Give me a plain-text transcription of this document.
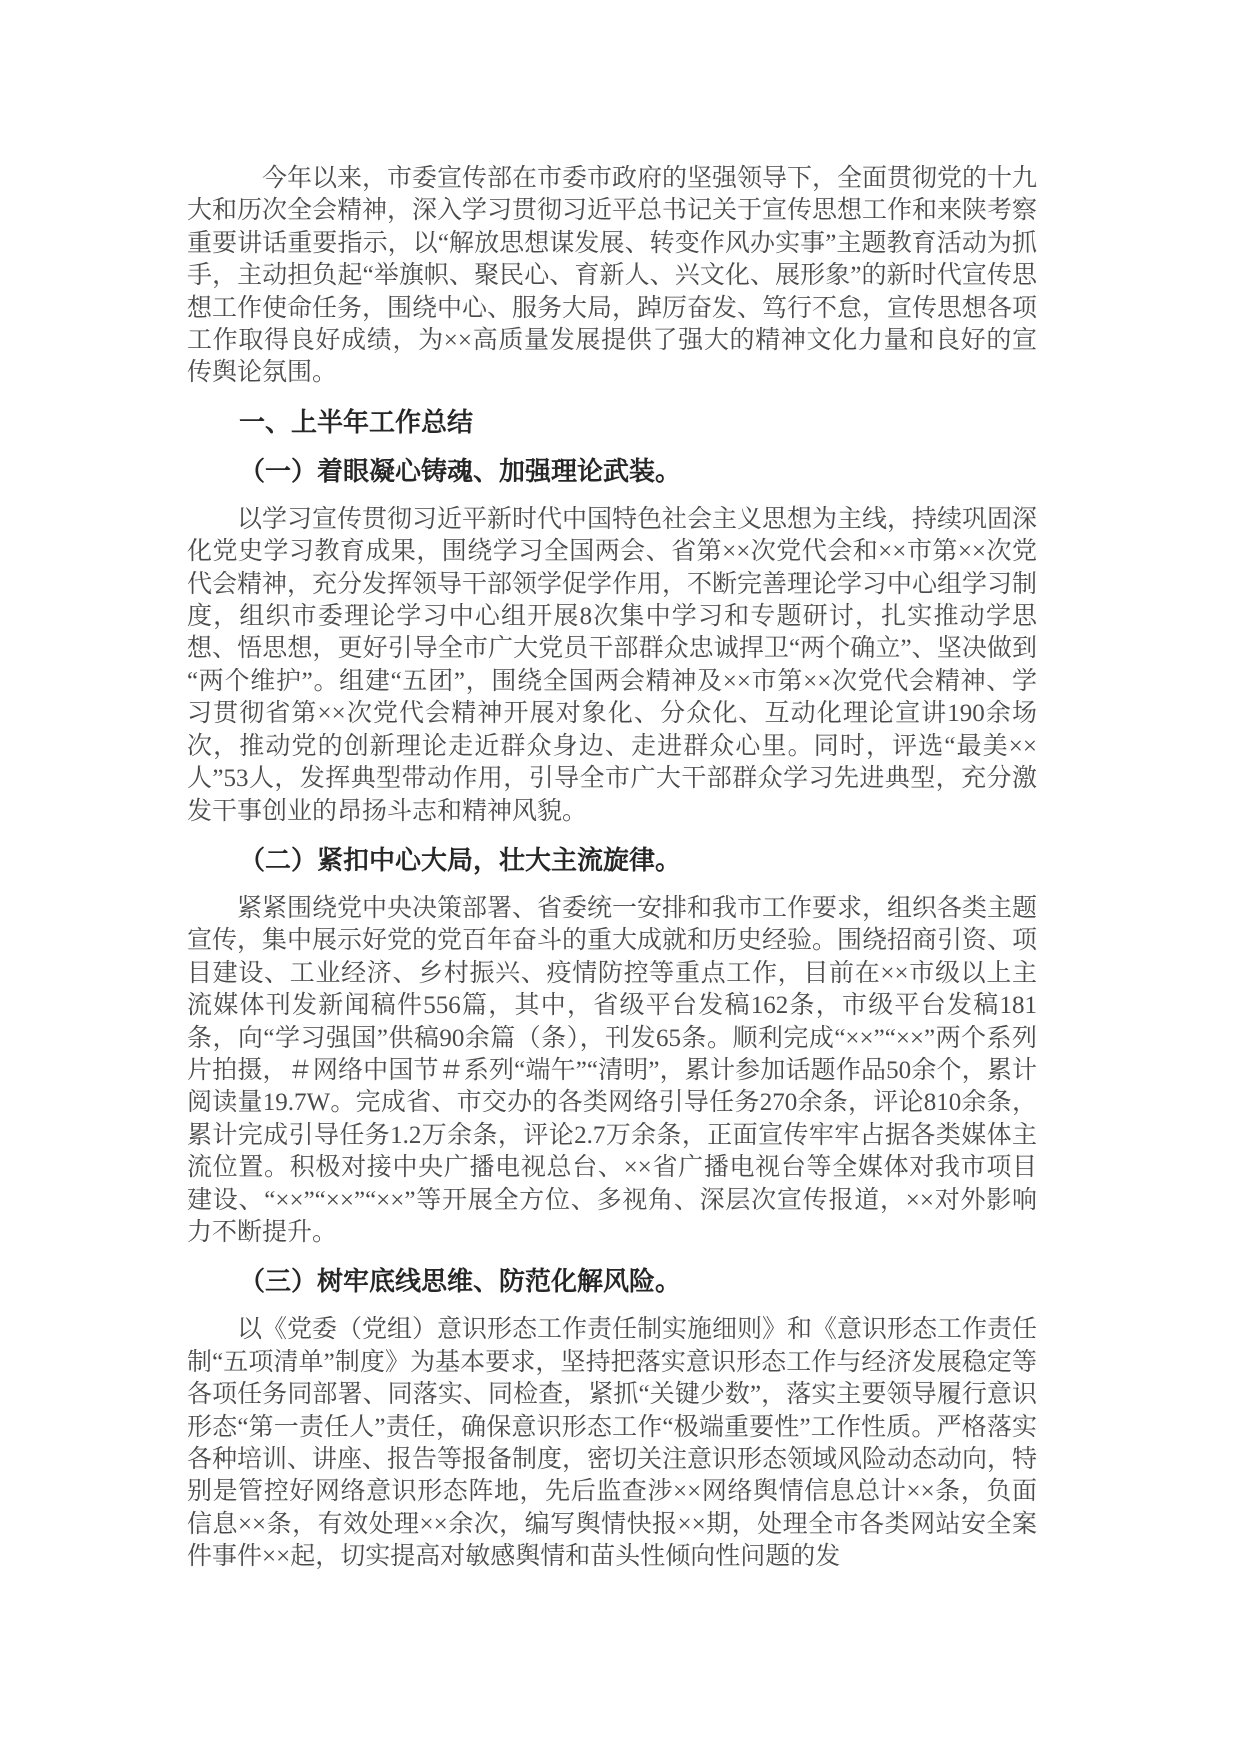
今年以来，市委宣传部在市委市政府的坚强领导下，全面贯彻党的十九大和历次全会精神，深入学习贯彻习近平总书记关于宣传思想工作和来陕考察重要讲话重要指示，以“解放思想谋发展、转变作风办实事”主题教育活动为抓手，主动担负起“举旗帜、聚民心、育新人、兴文化、展形象”的新时代宣传思想工作使命任务，围绕中心、服务大局，踔厉奋发、笃行不怠，宣传思想各项工作取得良好成绩，为××高质量发展提供了强大的精神文化力量和良好的宣传舆论氛围。

一、上半年工作总结

（一）着眼凝心铸魂、加强理论武装。

以学习宣传贯彻习近平新时代中国特色社会主义思想为主线，持续巩固深化党史学习教育成果，围绕学习全国两会、省第××次党代会和××市第××次党代会精神，充分发挥领导干部领学促学作用，不断完善理论学习中心组学习制度，组织市委理论学习中心组开展8次集中学习和专题研讨，扎实推动学思想、悟思想，更好引导全市广大党员干部群众忠诚捍卫“两个确立”、坚决做到“两个维护”。组建“五团”，围绕全国两会精神及××市第××次党代会精神、学习贯彻省第××次党代会精神开展对象化、分众化、互动化理论宣讲190余场次，推动党的创新理论走近群众身边、走进群众心里。同时，评选“最美××人”53人，发挥典型带动作用，引导全市广大干部群众学习先进典型，充分激发干事创业的昂扬斗志和精神风貌。

（二）紧扣中心大局，壮大主流旋律。

紧紧围绕党中央决策部署、省委统一安排和我市工作要求，组织各类主题宣传，集中展示好党的党百年奋斗的重大成就和历史经验。围绕招商引资、项目建设、工业经济、乡村振兴、疫情防控等重点工作，目前在××市级以上主流媒体刊发新闻稿件556篇，其中，省级平台发稿162条，市级平台发稿181条，向“学习强国”供稿90余篇（条），刊发65条。顺利完成“××”“××”两个系列片拍摄，＃网络中国节＃系列“端午”“清明”，累计参加话题作品50余个，累计阅读量19.7W。完成省、市交办的各类网络引导任务270余条，评论810余条，累计完成引导任务1.2万余条，评论2.7万余条，正面宣传牢牢占据各类媒体主流位置。积极对接中央广播电视总台、××省广播电视台等全媒体对我市项目建设、“××”“××”“××”等开展全方位、多视角、深层次宣传报道，××对外影响力不断提升。

（三）树牢底线思维、防范化解风险。

以《党委（党组）意识形态工作责任制实施细则》和《意识形态工作责任制“五项清单”制度》为基本要求，坚持把落实意识形态工作与经济发展稳定等各项任务同部署、同落实、同检查，紧抓“关键少数”，落实主要领导履行意识形态“第一责任人”责任，确保意识形态工作“极端重要性”工作性质。严格落实各种培训、讲座、报告等报备制度，密切关注意识形态领域风险动态动向，特别是管控好网络意识形态阵地，先后监查涉××网络舆情信息总计××条，负面信息××条，有效处理××余次，编写舆情快报××期，处理全市各类网站安全案件事件××起，切实提高对敏感舆情和苗头性倾向性问题的发
